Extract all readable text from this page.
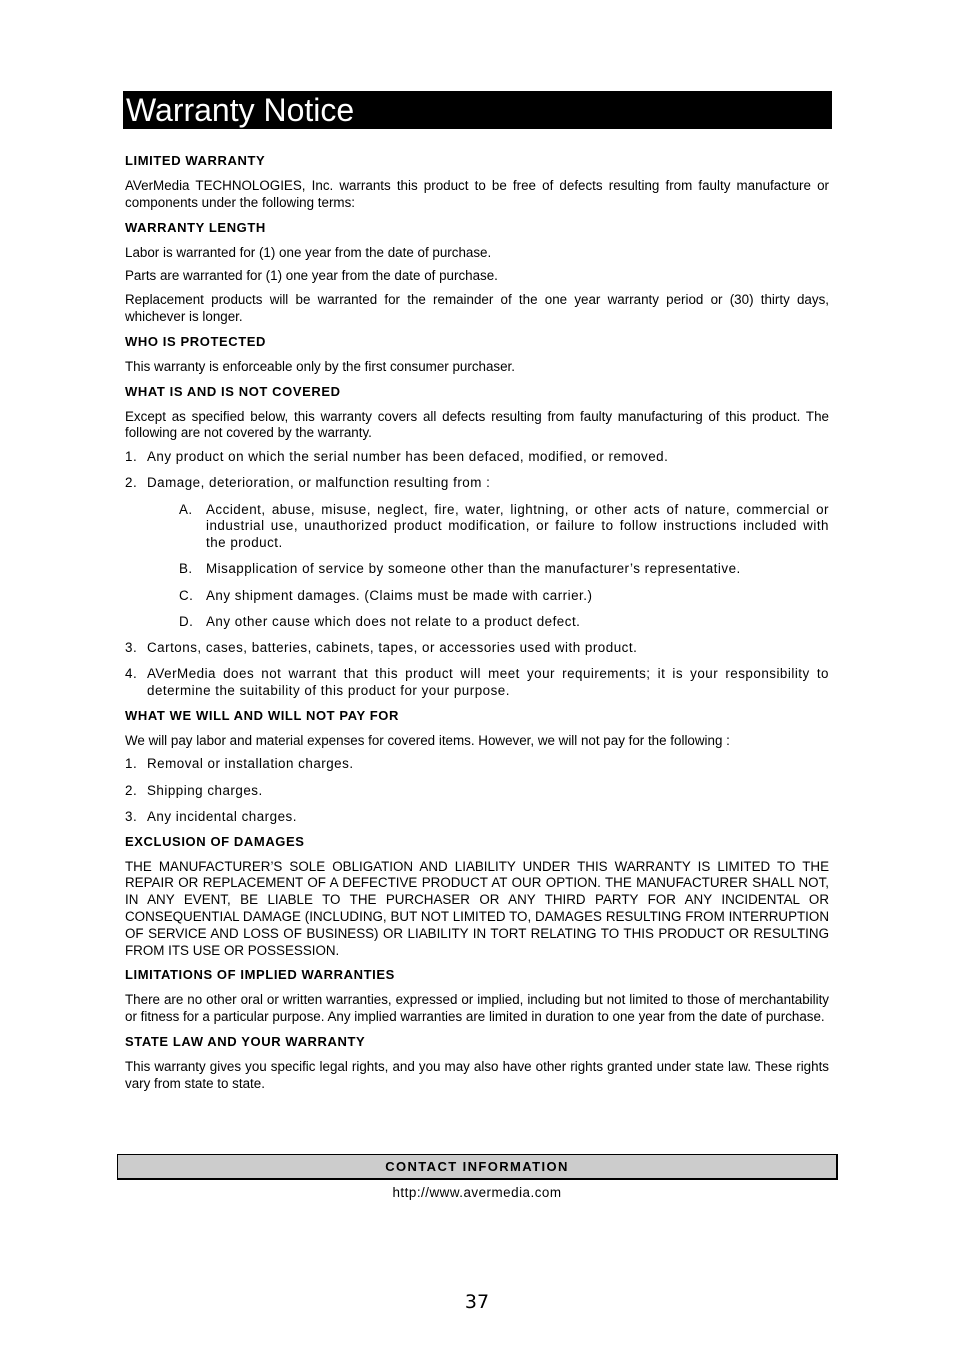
Warranty Notice
LIMITED WARRANTY
AVerMedia TECHNOLOGIES, Inc. warrants this product to be free of defects resulting from faulty manufacture or components under the following terms:
WARRANTY LENGTH
Labor is warranted for (1) one year from the date of purchase.
Parts are warranted for (1) one year from the date of purchase.
Replacement products will be warranted for the remainder of the one year warranty period or (30) thirty days, whichever is longer.
WHO IS PROTECTED
This warranty is enforceable only by the first consumer purchaser.
WHAT IS AND IS NOT COVERED
Except as specified below, this warranty covers all defects resulting from faulty manufacturing of this product. The following are not covered by the warranty.
1. Any product on which the serial number has been defaced, modified, or removed.
2. Damage, deterioration, or malfunction resulting from :
A. Accident, abuse, misuse, neglect, fire, water, lightning, or other acts of nature, commercial or industrial use, unauthorized product modification, or failure to follow instructions included with the product.
B. Misapplication of service by someone other than the manufacturer’s representative.
C. Any shipment damages. (Claims must be made with carrier.)
D. Any other cause which does not relate to a product defect.
3. Cartons, cases, batteries, cabinets, tapes, or accessories used with product.
4. AVerMedia does not warrant that this product will meet your requirements; it is your responsibility to determine the suitability of this product for your purpose.
WHAT WE WILL AND WILL NOT PAY FOR
We will pay labor and material expenses for covered items. However, we will not pay for the following :
1. Removal or installation charges.
2. Shipping charges.
3. Any incidental charges.
EXCLUSION OF DAMAGES
THE MANUFACTURER’S SOLE OBLIGATION AND LIABILITY UNDER THIS WARRANTY IS LIMITED TO THE REPAIR OR REPLACEMENT OF A DEFECTIVE PRODUCT AT OUR OPTION. THE MANUFACTURER SHALL NOT, IN ANY EVENT, BE LIABLE TO THE PURCHASER OR ANY THIRD PARTY FOR ANY INCIDENTAL OR CONSEQUENTIAL DAMAGE (INCLUDING, BUT NOT LIMITED TO, DAMAGES RESULTING FROM INTERRUPTION OF SERVICE AND LOSS OF BUSINESS) OR LIABILITY IN TORT RELATING TO THIS PRODUCT OR RESULTING FROM ITS USE OR POSSESSION.
LIMITATIONS OF IMPLIED WARRANTIES
There are no other oral or written warranties, expressed or implied, including but not limited to those of merchantability or fitness for a particular purpose. Any implied warranties are limited in duration to one year from the date of purchase.
STATE LAW AND YOUR WARRANTY
This warranty gives you specific legal rights, and you may also have other rights granted under state law. These rights vary from state to state.
CONTACT INFORMATION
http://www.avermedia.com
37
